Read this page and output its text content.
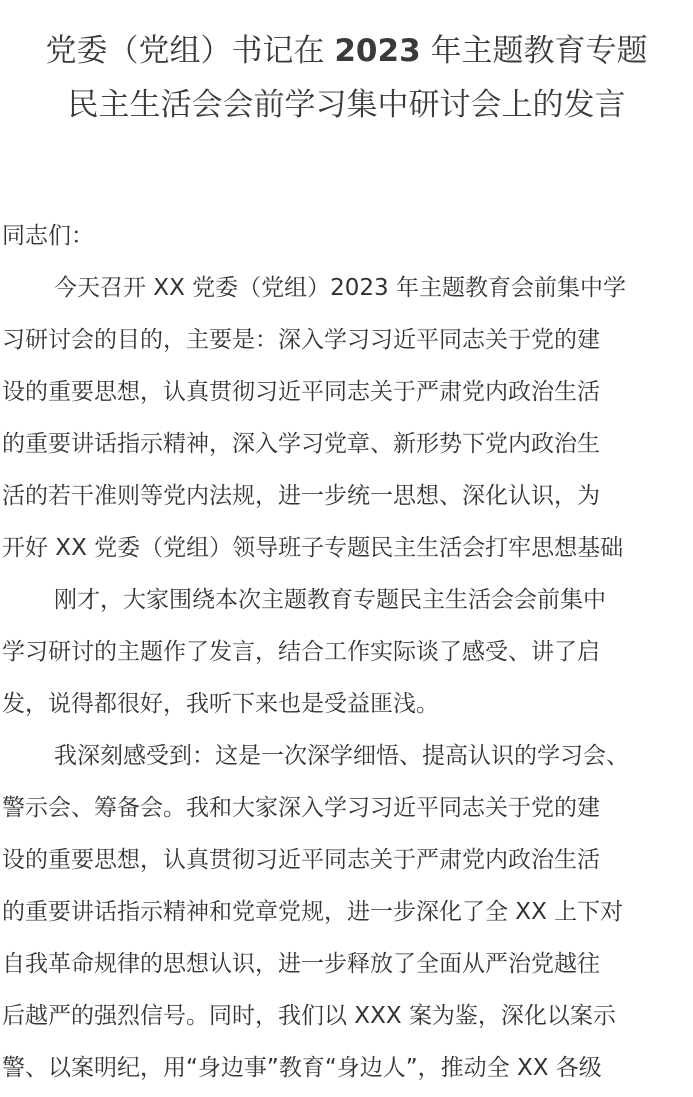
党委（党组）书记在 2023 年主题教育专题
民主生活会会前学习集中研讨会上的发言
同志们：
今天召开 XX 党委（党组）2023 年主题教育会前集中学
习研讨会的目的，主要是：深入学习习近平同志关于党的建
设的重要思想，认真贯彻习近平同志关于严肃党内政治生活
的重要讲话指示精神，深入学习党章、新形势下党内政治生
活的若干准则等党内法规，进一步统一思想、深化认识，为
开好 XX 党委（党组）领导班子专题民主生活会打牢思想基础
刚才，大家围绕本次主题教育专题民主生活会会前集中
学习研讨的主题作了发言，结合工作实际谈了感受、讲了启
发，说得都很好，我听下来也是受益匪浅。
我深刻感受到：这是一次深学细悟、提高认识的学习会、
警示会、筹备会。我和大家深入学习习近平同志关于党的建
设的重要思想，认真贯彻习近平同志关于严肃党内政治生活
的重要讲话指示精神和党章党规，进一步深化了全 XX 上下对
自我革命规律的思想认识，进一步释放了全面从严治党越往
后越严的强烈信号。同时，我们以 XXX 案为鉴，深化以案示
警、以案明纪，用“身边事”教育“身边人”，推动全 XX 各级
